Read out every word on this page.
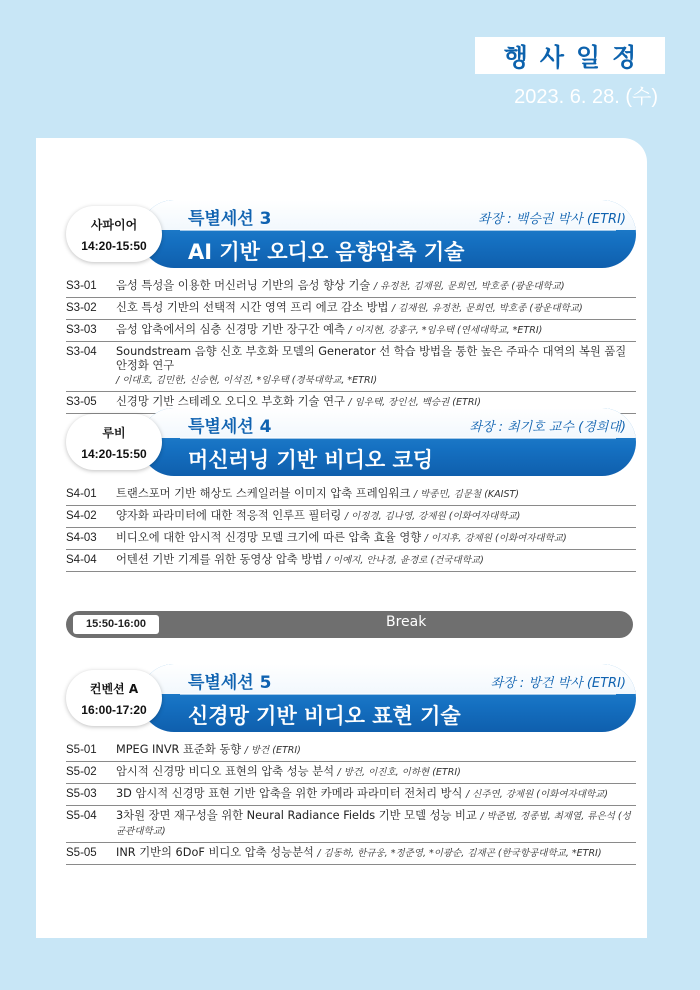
행사일정
2023. 6. 28. (수)
사파이어
14:20-15:50
특별세션 3	좌장 : 백승권 박사 (ETRI)
AI 기반 오디오 음향압축 기술
S3-01	음성 특성을 이용한 머신러닝 기반의 음성 향상 기술 / 유정찬, 김재원, 문희연, 박호종 (광운대학교)
S3-02	신호 특성 기반의 선택적 시간 영역 프리 에코 감소 방법 / 김재원, 유정찬, 문희연, 박호종 (광운대학교)
S3-03	음성 압축에서의 심층 신경망 기반 장구간 예측 / 이지현, 강홍구, *임우택 (연세대학교, *ETRI)
S3-04	Soundstream 음향 신호 부호화 모델의 Generator 선 학습 방법을 통한 높은 주파수 대역의 복원 품질 안정화 연구
/ 이대호, 김민한, 신승현, 이석진, *임우택 (경북대학교, *ETRI)
S3-05	신경망 기반 스테레오 오디오 부호화 기술 연구 / 임우택, 장인선, 백승권 (ETRI)
루비
14:20-15:50
특별세션 4	좌장 : 최기호 교수 (경희대)
머신러닝 기반 비디오 코딩
S4-01	트랜스포머 기반 해상도 스케일러블 이미지 압축 프레임워크 / 박종민, 김문철 (KAIST)
S4-02	양자화 파라미터에 대한 적응적 인루프 필터링 / 이정경, 김나영, 강제원 (이화여자대학교)
S4-03	비디오에 대한 암시적 신경망 모델 크기에 따른 압축 효율 영향 / 이지후, 강제원 (이화여자대학교)
S4-04	어텐션 기반 기계를 위한 동영상 압축 방법 / 이예지, 안나경, 윤경로 (건국대학교)
15:50-16:00	Break
컨벤션 A
16:00-17:20
특별세션 5	좌장 : 방건 박사 (ETRI)
신경망 기반 비디오 표현 기술
S5-01	MPEG INVR 표준화 동향 / 방건 (ETRI)
S5-02	암시적 신경망 비디오 표현의 압축 성능 분석 / 방건, 이진호, 이하현 (ETRI)
S5-03	3D 암시적 신경망 표현 기반 압축을 위한 카메라 파라미터 전처리 방식 / 신주연, 강제원 (이화여자대학교)
S5-04	3차원 장면 재구성을 위한 Neural Radiance Fields 기반 모델 성능 비교 / 박준범, 정종범, 최재열, 류은석 (성균관대학교)
S5-05	INR 기반의 6DoF 비디오 압축 성능분석 / 김동하, 한규웅, *정준영, *이광순, 김재곤 (한국항공대학교, *ETRI)
